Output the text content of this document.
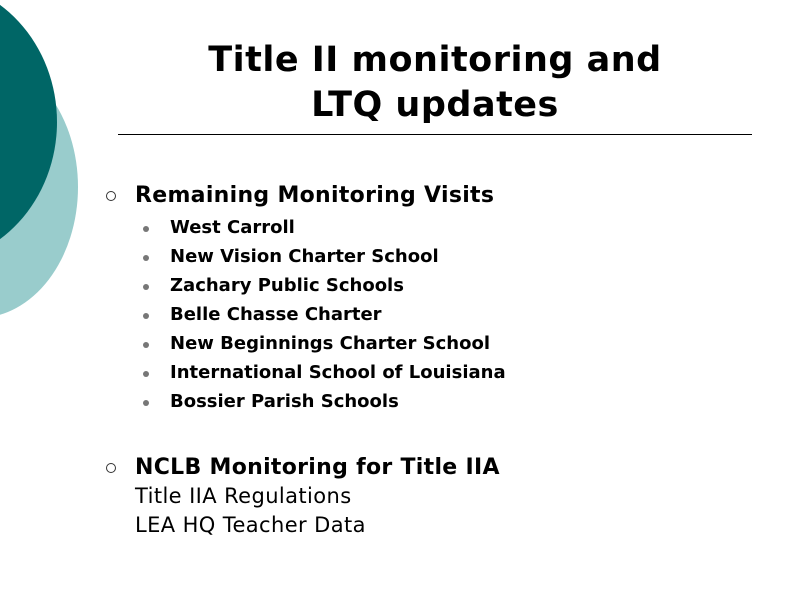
Title II monitoring and
LTQ updates
Remaining Monitoring Visits
West Carroll
New Vision Charter School
Zachary Public Schools
Belle Chasse Charter
New Beginnings Charter School
International School of Louisiana
Bossier Parish Schools
NCLB Monitoring for Title IIA
Title IIA Regulations
LEA HQ Teacher Data
